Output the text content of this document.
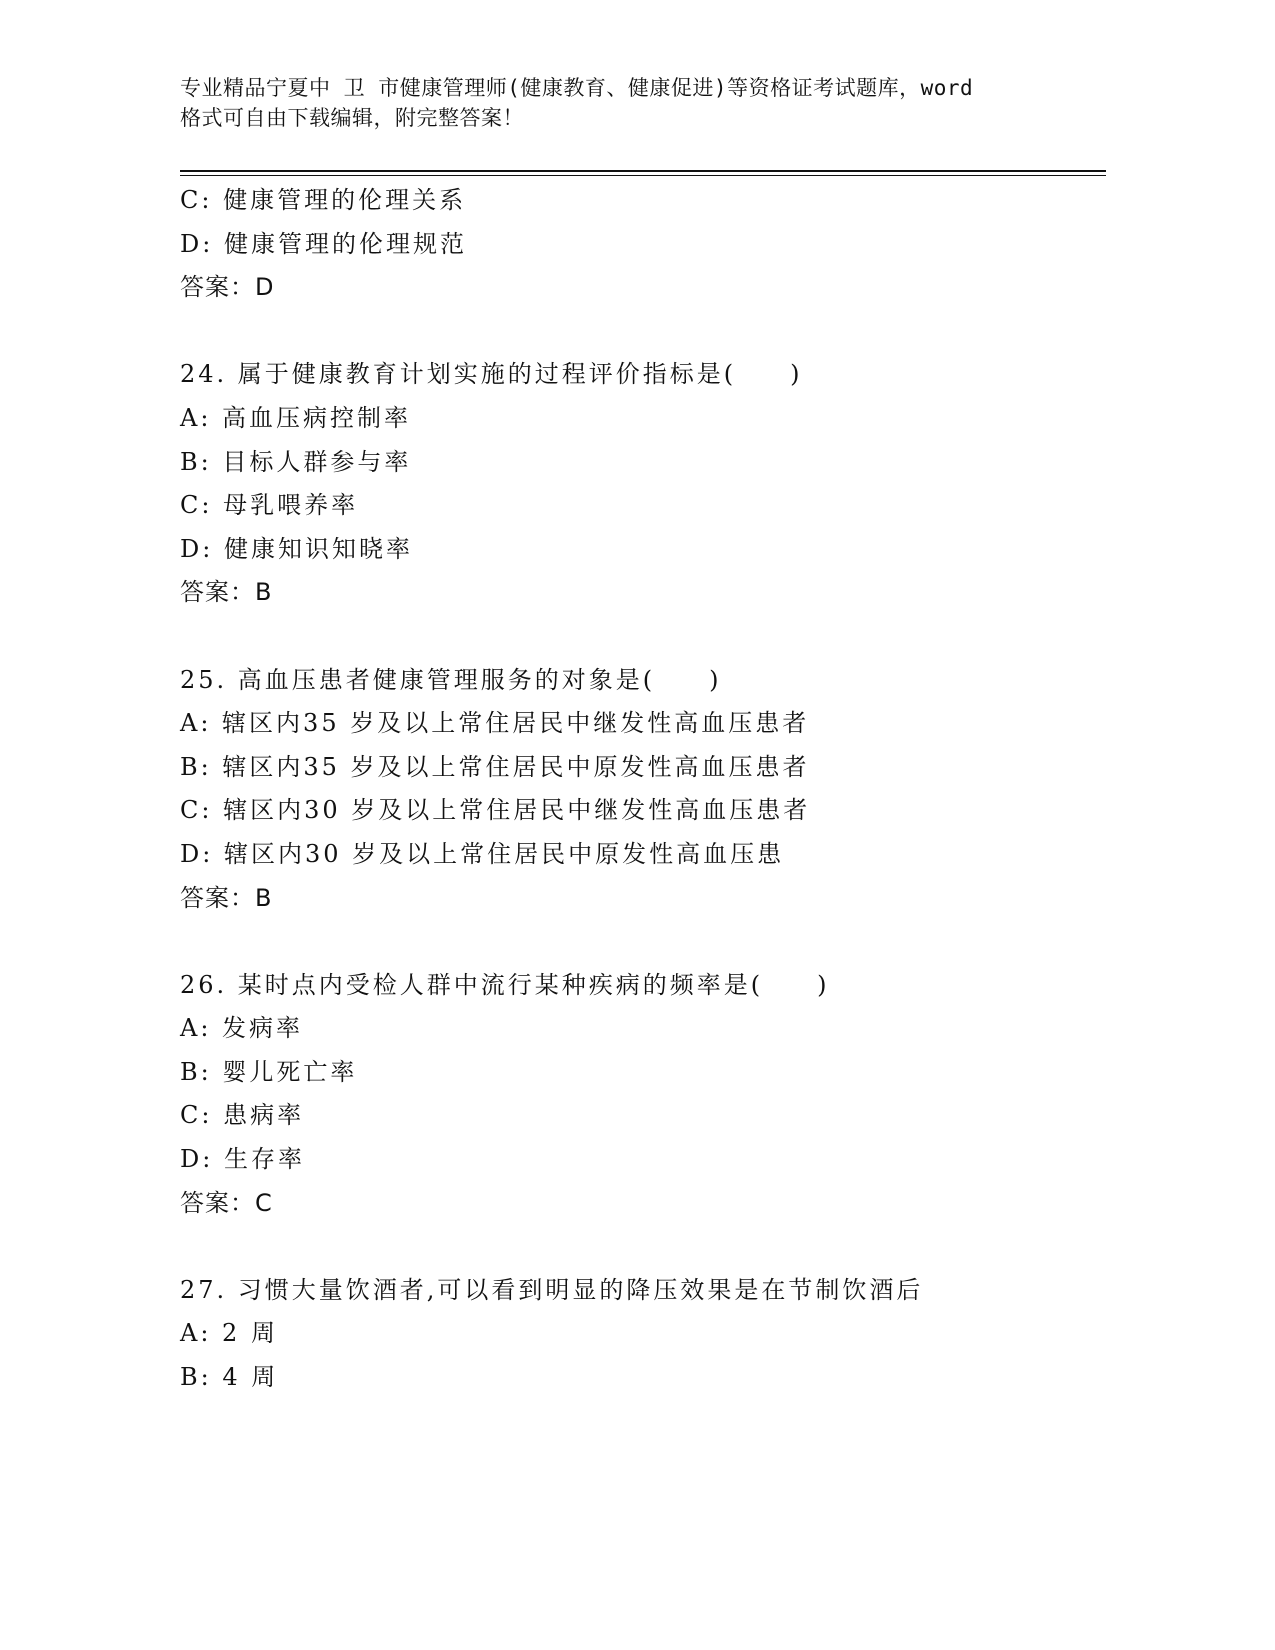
专业精品宁夏中 卫 市健康管理师(健康教育、健康促进)等资格证考试题库，word
格式可自由下载编辑，附完整答案！
C: 健康管理的伦理关系
D: 健康管理的伦理规范
答案：D
24. 属于健康教育计划实施的过程评价指标是(　　)
A: 高血压病控制率
B: 目标人群参与率
C: 母乳喂养率
D: 健康知识知晓率
答案：B
25. 高血压患者健康管理服务的对象是(　　)
A: 辖区内35 岁及以上常住居民中继发性高血压患者
B: 辖区内35 岁及以上常住居民中原发性高血压患者
C: 辖区内30 岁及以上常住居民中继发性高血压患者
D: 辖区内30 岁及以上常住居民中原发性高血压患
答案：B
26. 某时点内受检人群中流行某种疾病的频率是(　　)
A: 发病率
B: 婴儿死亡率
C: 患病率
D: 生存率
答案：C
27. 习惯大量饮酒者,可以看到明显的降压效果是在节制饮酒后
A: 2 周
B: 4 周
